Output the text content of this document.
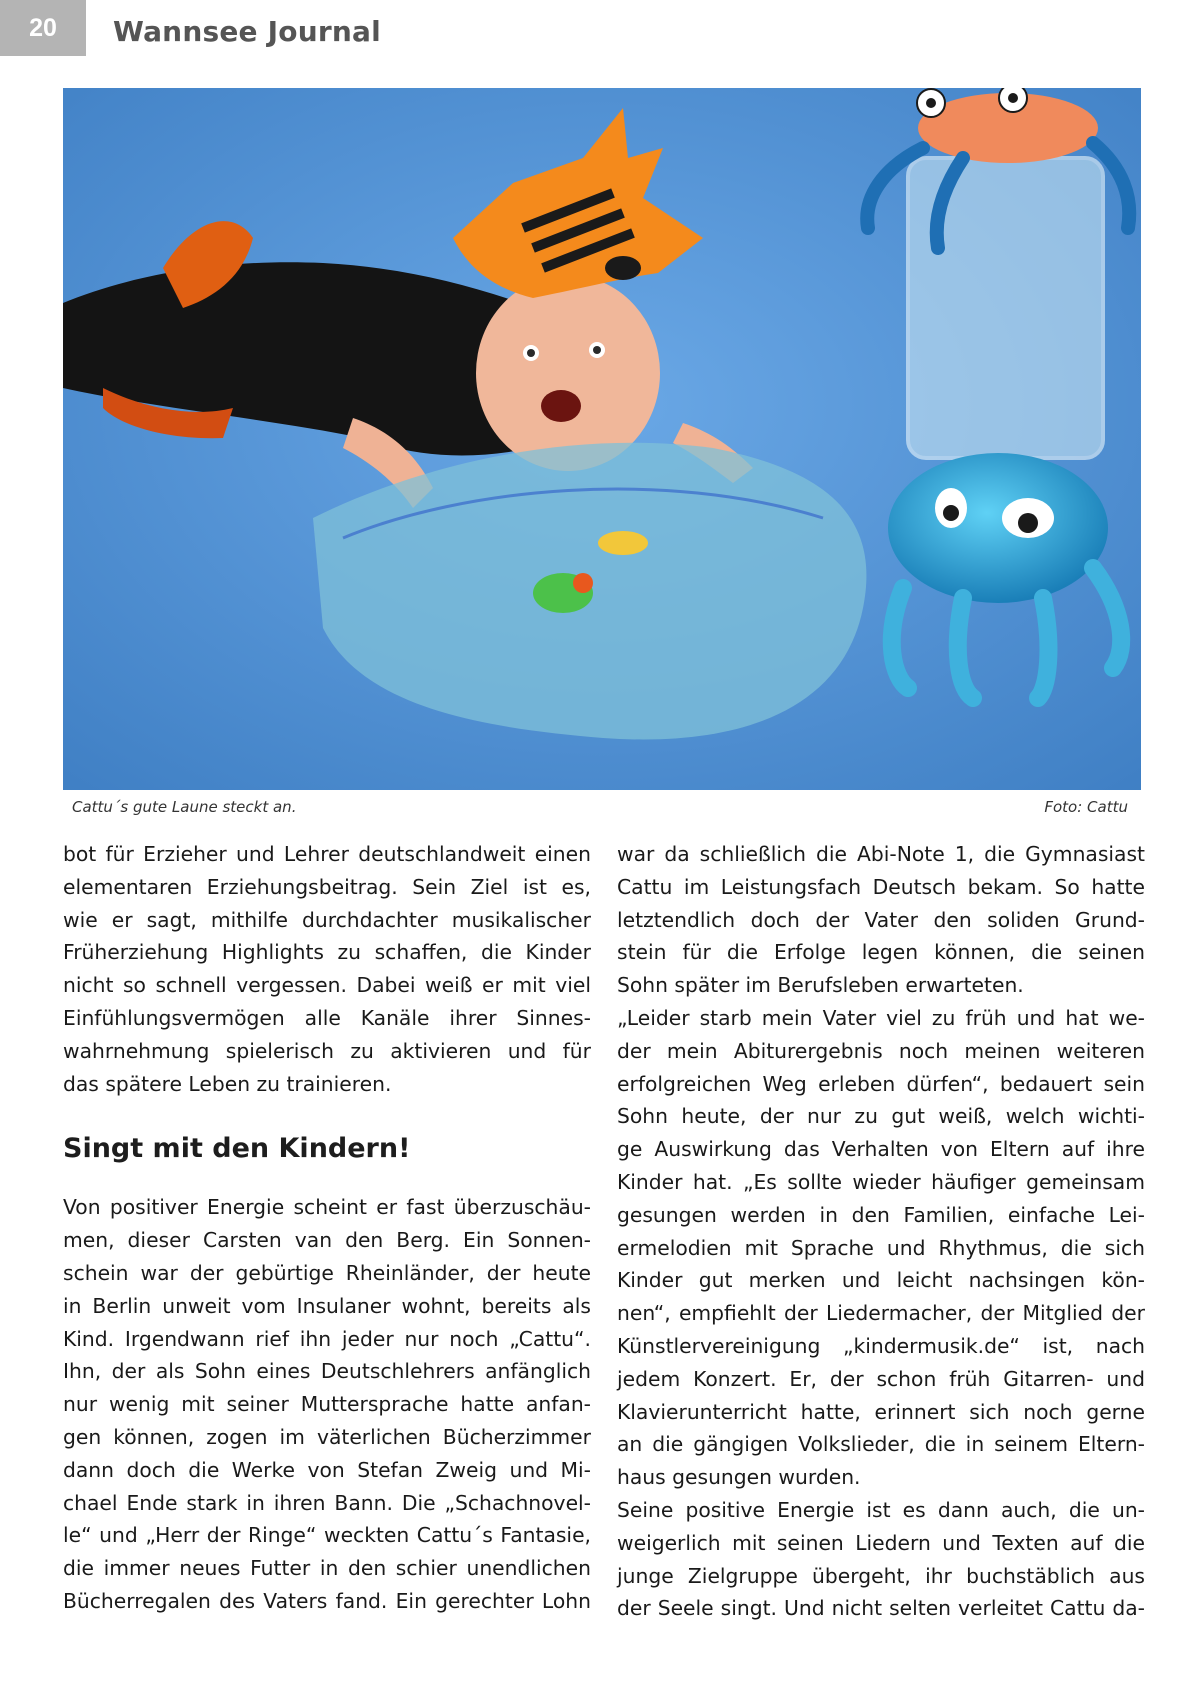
20	Wannsee Journal
Cattu´s gute Laune steckt an.	Foto: Cattu
bot für Erzieher und Lehrer deutschlandweit einen
elementaren Erziehungsbeitrag. Sein Ziel ist es,
wie er sagt, mithilfe durchdachter musikalischer
Früherziehung Highlights zu schaffen, die Kinder
nicht so schnell vergessen. Dabei weiß er mit viel
Einfühlungsvermögen alle Kanäle ihrer Sinnes-
wahrnehmung spielerisch zu aktivieren und für
das spätere Leben zu trainieren.
Singt mit den Kindern!
Von positiver Energie scheint er fast überzuschäu-
men, dieser Carsten van den Berg. Ein Sonnen-
schein war der gebürtige Rheinländer, der heute
in Berlin unweit vom Insulaner wohnt, bereits als
Kind. Irgendwann rief ihn jeder nur noch „Cattu“.
Ihn, der als Sohn eines Deutschlehrers anfänglich
nur wenig mit seiner Muttersprache hatte anfan-
gen können, zogen im väterlichen Bücherzimmer
dann doch die Werke von Stefan Zweig und Mi-
chael Ende stark in ihren Bann. Die „Schachnovel-
le“ und „Herr der Ringe“ weckten Cattu´s Fantasie,
die immer neues Futter in den schier unendlichen
Bücherregalen des Vaters fand. Ein gerechter Lohn
war da schließlich die Abi-Note 1, die Gymnasiast
Cattu im Leistungsfach Deutsch bekam. So hatte
letztendlich doch der Vater den soliden Grund-
stein für die Erfolge legen können, die seinen
Sohn später im Berufsleben erwarteten.
„Leider starb mein Vater viel zu früh und hat we-
der mein Abiturergebnis noch meinen weiteren
erfolgreichen Weg erleben dürfen“, bedauert sein
Sohn heute, der nur zu gut weiß, welch wichti-
ge Auswirkung das Verhalten von Eltern auf ihre
Kinder hat. „Es sollte wieder häufiger gemeinsam
gesungen werden in den Familien, einfache Lei-
ermelodien mit Sprache und Rhythmus, die sich
Kinder gut merken und leicht nachsingen kön-
nen“, empfiehlt der Liedermacher, der Mitglied der
Künstlervereinigung „kindermusik.de“ ist, nach
jedem Konzert. Er, der schon früh Gitarren- und
Klavierunterricht hatte, erinnert sich noch gerne
an die gängigen Volkslieder, die in seinem Eltern-
haus gesungen wurden.
Seine positive Energie ist es dann auch, die un-
weigerlich mit seinen Liedern und Texten auf die
junge Zielgruppe übergeht, ihr buchstäblich aus
der Seele singt. Und nicht selten verleitet Cattu da-
